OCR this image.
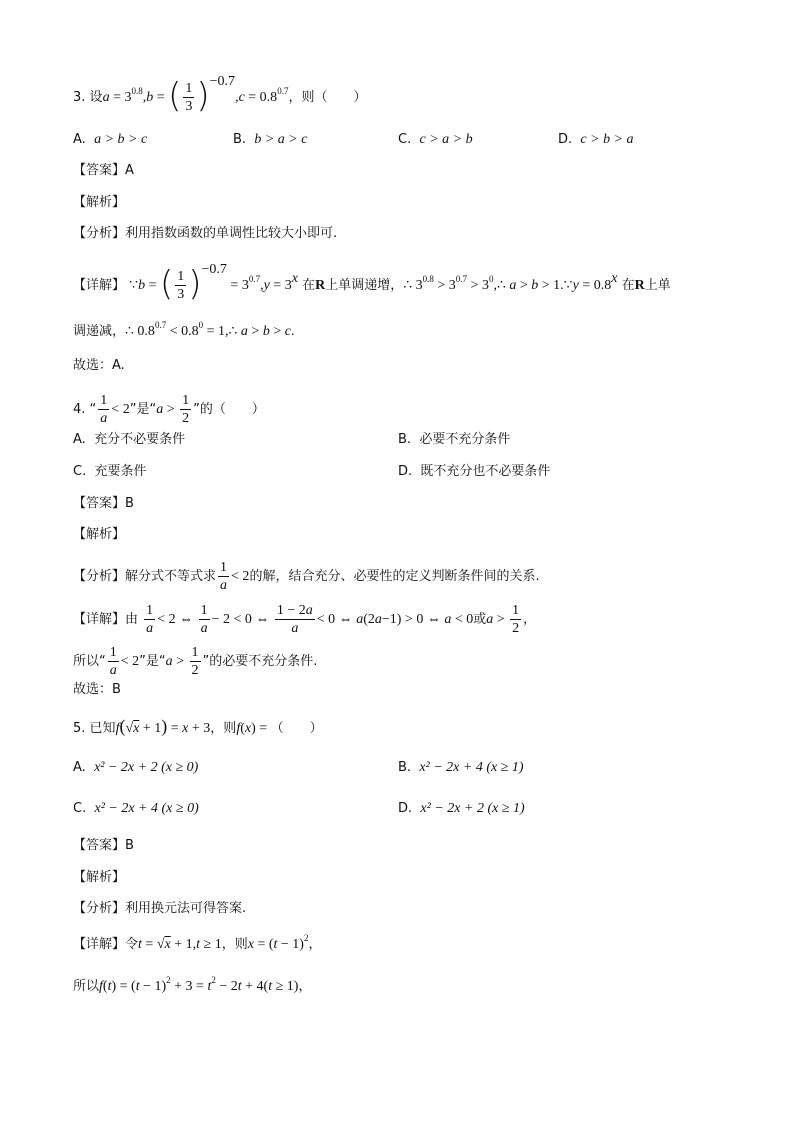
3. 设$a = 3^{0.8},b$ = ( $\frac{1}{3} )^{-0.7},c = 0.8^{0.7}$，则（　　）
A. a > b > c	B. b > a > c	C. c > a > b	D. c > b > a
【答案】A
【解析】
【分析】利用指数函数的单调性比较大小即可.
【详解】 ∵b = ( $\frac{1}{3} )^{-0.7} = 3^{0.7},y = 3^x$ 在R上单调递增，∴ $3^{0.8} > 3^{0.7}$ > $3^0,\therefore$ a > b > 1.∵y = $0.8^x$ 在R上单
调递减，∴ $0.8^{0.7} < 0.8^0$ = 1,∴ a > b > c.
故选：A.
4. “ $\frac{1}{a} < 2$”是“$a > \frac{1}{2}$ ”的（　　）
A. 充分不必要条件	B. 必要不充分条件
C. 充要条件	D. 既不充分也不必要条件
【答案】B
【解析】
【分析】解分式不等式求 $\frac{1}{a} < 2$的解，结合充分、必要性的定义判断条件间的关系.
【详解】由 $\frac{1}{a} < 2$ ⇔ $\frac{1}{a} - 2 < 0$ ⇔ $\frac{1 - 2a}{a} < 0$ ⇔ a(2a−1) > 0 ⇔ a < 0或$a > \frac{1}{2}$ ，
所以“ $\frac{1}{a} < 2$”是“$a > \frac{1}{2}$ ”的必要不充分条件.
故选：B
5. 已知f(√x + 1) = x + 3，则f(x) = （　　）
A. x² − 2x + 2 (x ≥ 0)	B. x² − 2x + 4 (x ≥ 1)
C. x² − 2x + 4 (x ≥ 0)	D. x² − 2x + 2 (x ≥ 1)
【答案】B
【解析】
【分析】利用换元法可得答案.
【详解】令t = √x + 1,t ≥ 1，则$x = (t - 1)^2$，
所以$f(t) = (t - 1)^2 + 3 = t^2 - 2t + 4(t \ge 1)$，
